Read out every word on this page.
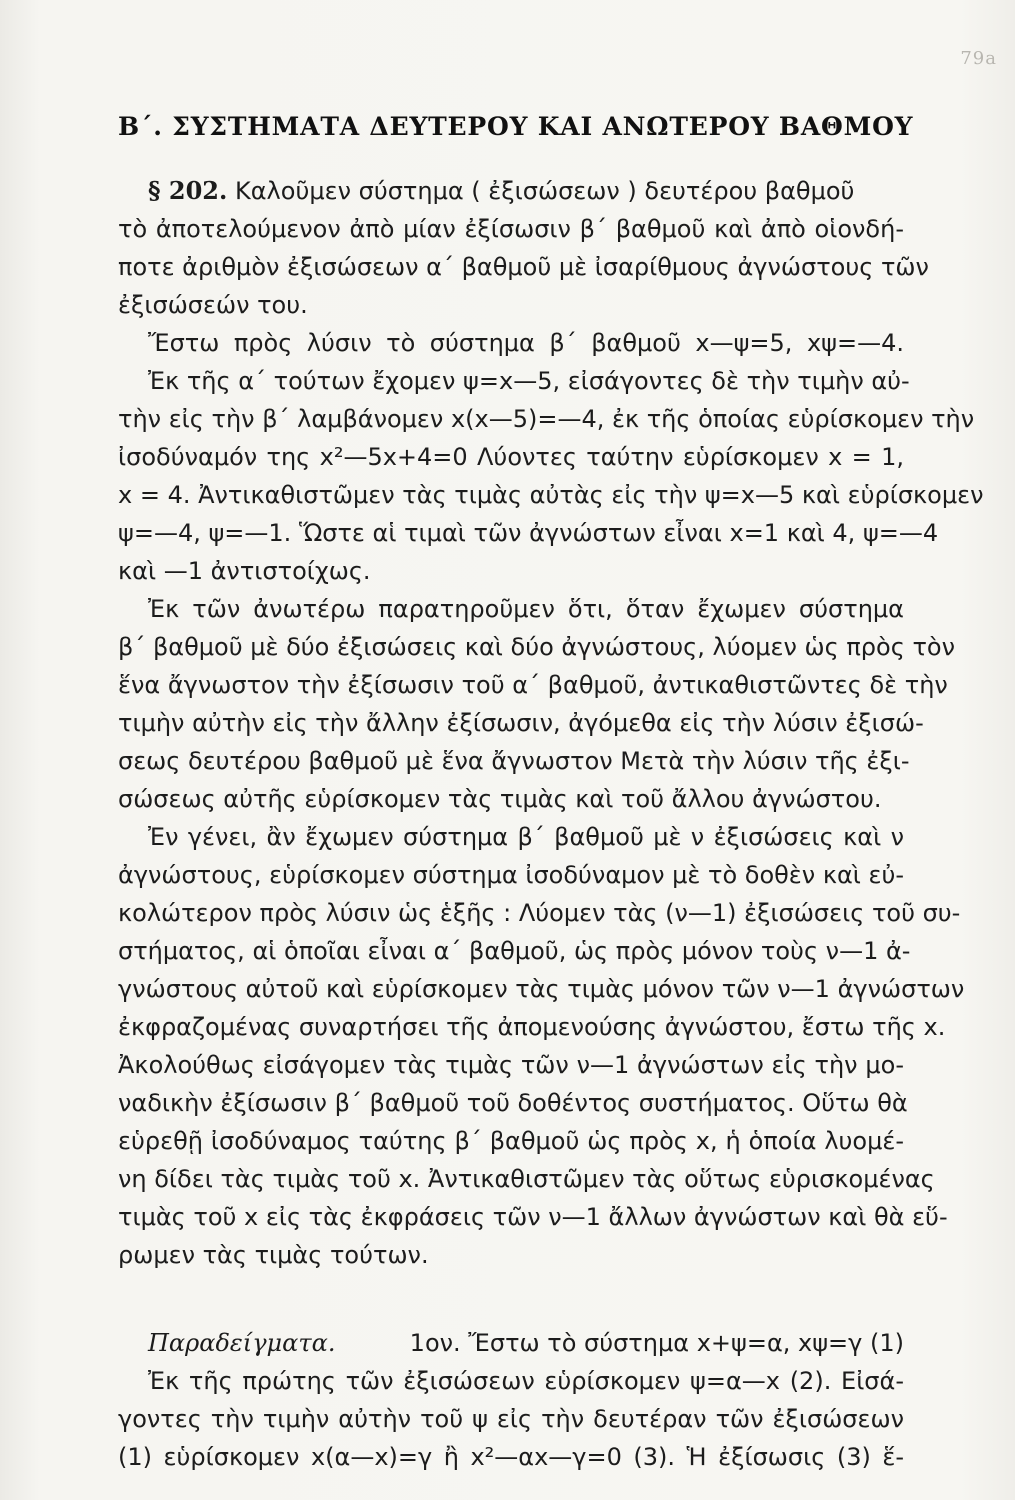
79a
Β΄. ΣΥΣΤΗΜΑΤΑ ΔΕΥΤΕΡΟΥ ΚΑΙ ΑΝΩΤΕΡΟΥ ΒΑΘΜΟΥ
§ 202. Καλοῦμεν σύστημα ( ἐξισώσεων ) δευτέρου βαθμοῦ
τὸ ἀποτελούμενον ἀπὸ μίαν ἐξίσωσιν β΄ βαθμοῦ καὶ ἀπὸ οἱονδή-
ποτε ἀριθμὸν ἐξισώσεων α΄ βαθμοῦ μὲ ἰσαρίθμους ἀγνώστους τῶν
ἐξισώσεών του.
Ἔστω πρὸς λύσιν τὸ σύστημα β΄ βαθμοῦ x—ψ=5, xψ=—4.
Ἐκ τῆς α΄ τούτων ἔχομεν ψ=x—5, εἰσάγοντες δὲ τὴν τιμὴν αὐ-
τὴν εἰς τὴν β΄ λαμβάνομεν x(x—5)=—4, ἐκ τῆς ὁποίας εὑρίσκομεν τὴν
ἰσοδύναμόν της x²—5x+4=0 Λύοντες ταύτην εὑρίσκομεν x = 1,
x = 4. Ἀντικαθιστῶμεν τὰς τιμὰς αὐτὰς εἰς τὴν ψ=x—5 καὶ εὑρίσκομεν
ψ=—4, ψ=—1. Ὥστε αἱ τιμαὶ τῶν ἀγνώστων εἶναι x=1 καὶ 4, ψ=—4
καὶ —1 ἀντιστοίχως.
Ἐκ τῶν ἀνωτέρω παρατηροῦμεν ὅτι, ὅταν ἔχωμεν σύστημα
β΄ βαθμοῦ μὲ δύο ἐξισώσεις καὶ δύο ἀγνώστους, λύομεν ὡς πρὸς τὸν
ἕνα ἄγνωστον τὴν ἐξίσωσιν τοῦ α΄ βαθμοῦ, ἀντικαθιστῶντες δὲ τὴν
τιμὴν αὐτὴν εἰς τὴν ἄλλην ἐξίσωσιν, ἀγόμεθα εἰς τὴν λύσιν ἐξισώ-
σεως δευτέρου βαθμοῦ μὲ ἕνα ἄγνωστον Μετὰ τὴν λύσιν τῆς ἐξι-
σώσεως αὐτῆς εὑρίσκομεν τὰς τιμὰς καὶ τοῦ ἄλλου ἀγνώστου.
Ἐν γένει, ἂν ἔχωμεν σύστημα β΄ βαθμοῦ μὲ ν ἐξισώσεις καὶ ν
ἀγνώστους, εὑρίσκομεν σύστημα ἰσοδύναμον μὲ τὸ δοθὲν καὶ εὐ-
κολώτερον πρὸς λύσιν ὡς ἑξῆς : Λύομεν τὰς (ν—1) ἐξισώσεις τοῦ συ-
στήματος, αἱ ὁποῖαι εἶναι α΄ βαθμοῦ, ὡς πρὸς μόνον τοὺς ν—1 ἀ-
γνώστους αὐτοῦ καὶ εὑρίσκομεν τὰς τιμὰς μόνον τῶν ν—1 ἀγνώστων
ἐκφραζομένας συναρτήσει τῆς ἀπομενούσης ἀγνώστου, ἔστω τῆς x.
Ἀκολούθως εἰσάγομεν τὰς τιμὰς τῶν ν—1 ἀγνώστων εἰς τὴν μο-
ναδικὴν ἐξίσωσιν β΄ βαθμοῦ τοῦ δοθέντος συστήματος. Οὕτω θὰ
εὑρεθῇ ἰσοδύναμος ταύτης β΄ βαθμοῦ ὡς πρὸς x, ἡ ὁποία λυομέ-
νη δίδει τὰς τιμὰς τοῦ x. Ἀντικαθιστῶμεν τὰς οὕτως εὑρισκομένας
τιμὰς τοῦ x εἰς τὰς ἐκφράσεις τῶν ν—1 ἄλλων ἀγνώστων καὶ θὰ εὕ-
ρωμεν τὰς τιμὰς τούτων.
Παραδείγματα.	1ον. Ἔστω τὸ σύστημα x+ψ=α, xψ=γ (1)
Ἐκ τῆς πρώτης τῶν ἐξισώσεων εὑρίσκομεν ψ=α—x (2). Εἰσά-
γοντες τὴν τιμὴν αὐτὴν τοῦ ψ εἰς τὴν δευτέραν τῶν ἐξισώσεων
(1) εὑρίσκομεν x(α—x)=γ ἢ x²—αx—γ=0 (3). Ἡ ἐξίσωσις (3) ἕ-
